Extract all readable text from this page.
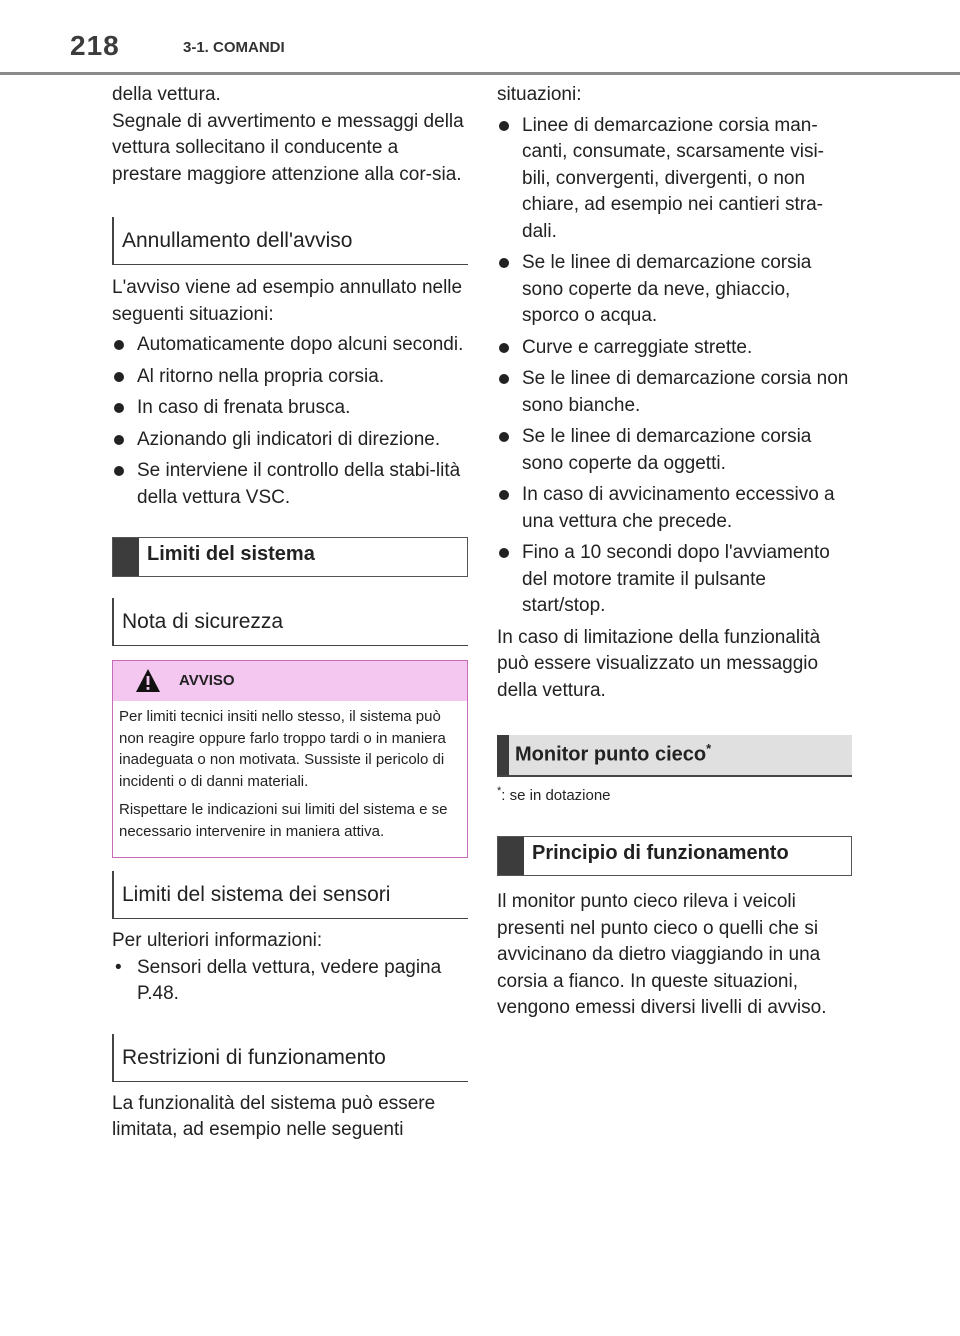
218	3-1. COMANDI

della vettura.

Segnale di avvertimento e messaggi della vettura sollecitano il conducente a prestare maggiore attenzione alla cor-sia.

Annullamento dell'avviso

L'avviso viene ad esempio annullato nelle seguenti situazioni:

Automaticamente dopo alcuni secondi.
Al ritorno nella propria corsia.
In caso di frenata brusca.
Azionando gli indicatori di direzione.
Se interviene il controllo della stabi-lità della vettura VSC.
Limiti del sistema
Nota di sicurezza
AVVISO

Per limiti tecnici insiti nello stesso, il sistema può non reagire oppure farlo troppo tardi o in maniera inadeguata o non motivata. Sussiste il pericolo di incidenti o di danni materiali.

Rispettare le indicazioni sui limiti del sistema e se necessario intervenire in maniera attiva.

Limiti del sistema dei sensori

Per ulteriori informazioni:

• Sensori della vettura, vedere pagina P.48.
Restrizioni di funzionamento

La funzionalità del sistema può essere limitata, ad esempio nelle seguenti

situazioni:

Linee di demarcazione corsia man-canti, consumate, scarsamente visi-bili, convergenti, divergenti, o non chiare, ad esempio nei cantieri stra-dali.
Se le linee di demarcazione corsia sono coperte da neve, ghiaccio, sporco o acqua.
Curve e carreggiate strette.
Se le linee di demarcazione corsia non sono bianche.
Se le linee di demarcazione corsia sono coperte da oggetti.
In caso di avvicinamento eccessivo a una vettura che precede.
Fino a 10 secondi dopo l'avviamento del motore tramite il pulsante start/stop.

In caso di limitazione della funzionalità può essere visualizzato un messaggio della vettura.

Monitor punto cieco*
*: se in dotazione
Principio di funzionamento

Il monitor punto cieco rileva i veicoli presenti nel punto cieco o quelli che si avvicinano da dietro viaggiando in una corsia a fianco. In queste situazioni, vengono emessi diversi livelli di avviso.
